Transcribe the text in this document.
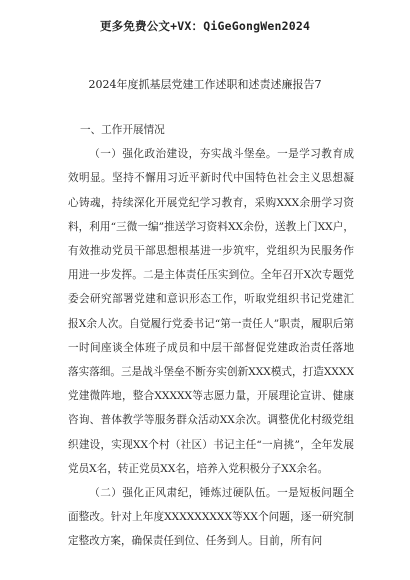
更多免费公文+VX：QiGeGongWen2024
2024年度抓基层党建工作述职和述责述廉报告7
一、工作开展情况

（一）强化政治建设，夯实战斗堡垒。一是学习教育成效明显。坚持不懈用习近平新时代中国特色社会主义思想凝心铸魂，持续深化开展党纪学习教育，采购XXX余册学习资料，利用“三微一编”推送学习资料XX余份，送教上门XX户，有效推动党员干部思想根基进一步筑牢，党组织为民服务作用进一步发挥。二是主体责任压实到位。全年召开X次专题党委会研究部署党建和意识形态工作，听取党组织书记党建汇报X余人次。自觉履行党委书记“第一责任人”职责，履职后第一时间座谈全体班子成员和中层干部督促党建政治责任落地落实落细。三是战斗堡垒不断夯实创新XXX模式，打造XXXX党建微阵地，整合XXXXX等志愿力量，开展理论宣讲、健康咨询、普体教学等服务群众活动XX余次。调整优化村级党组织建设，实现XX个村（社区）书记主任“一肩挑”，全年发展党员X名，转正党员XX名，培养入党积极分子XX余名。

（二）强化正风肃纪，锤炼过硬队伍。一是短板问题全面整改。针对上年度XXXXXXXXX等XX个问题，逐一研究制定整改方案，确保责任到位、任务到人。目前，所有问
